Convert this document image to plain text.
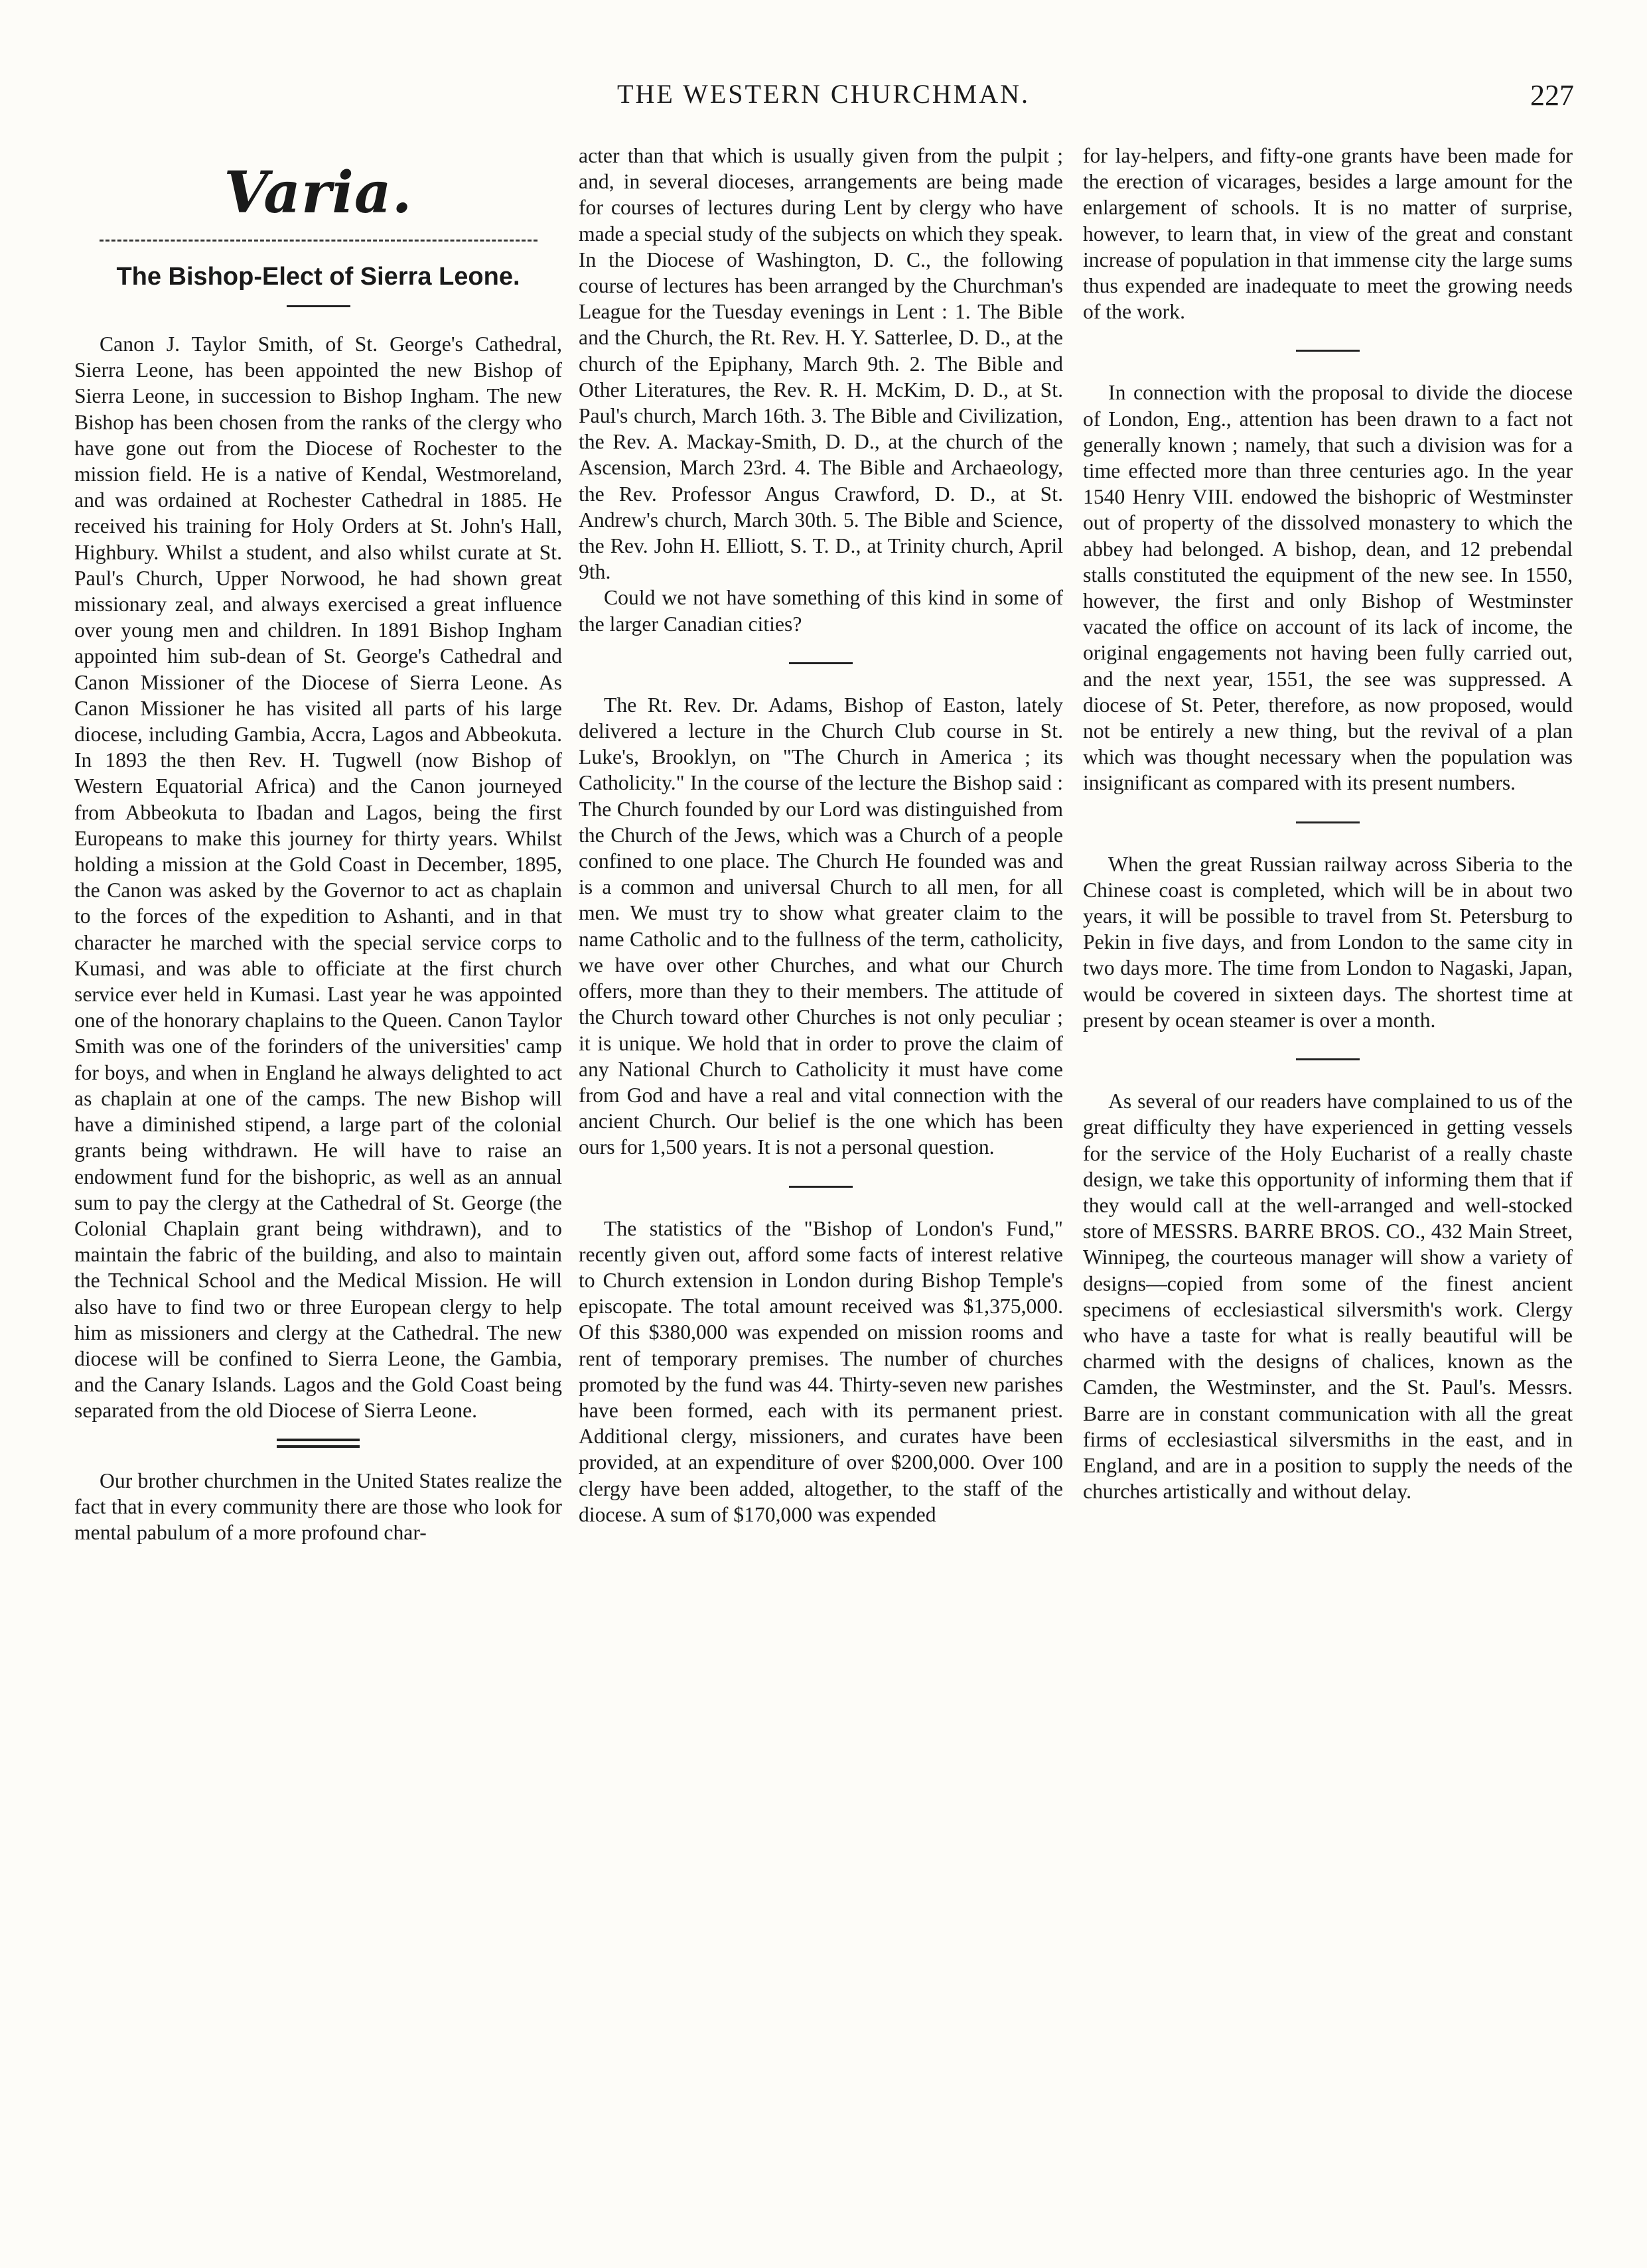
THE WESTERN CHURCHMAN.	227
Varia.
The Bishop-Elect of Sierra Leone.

Canon J. Taylor Smith, of St. George's Cathedral, Sierra Leone, has been appointed the new Bishop of Sierra Leone, in succession to Bishop Ingham. The new Bishop has been chosen from the ranks of the clergy who have gone out from the Diocese of Rochester to the mission field. He is a native of Kendal, Westmoreland, and was ordained at Rochester Cathedral in 1885. He received his training for Holy Orders at St. John's Hall, Highbury. Whilst a student, and also whilst curate at St. Paul's Church, Upper Norwood, he had shown great missionary zeal, and always exercised a great influence over young men and children. In 1891 Bishop Ingham appointed him sub-dean of St. George's Cathedral and Canon Missioner of the Diocese of Sierra Leone. As Canon Missioner he has visited all parts of his large diocese, including Gambia, Accra, Lagos and Abbeokuta. In 1893 the then Rev. H. Tugwell (now Bishop of Western Equatorial Africa) and the Canon journeyed from Abbeokuta to Ibadan and Lagos, being the first Europeans to make this journey for thirty years. Whilst holding a mission at the Gold Coast in December, 1895, the Canon was asked by the Governor to act as chaplain to the forces of the expedition to Ashanti, and in that character he marched with the special service corps to Kumasi, and was able to officiate at the first church service ever held in Kumasi. Last year he was appointed one of the honorary chaplains to the Queen. Canon Taylor Smith was one of the forinders of the universities' camp for boys, and when in England he always delighted to act as chaplain at one of the camps. The new Bishop will have a diminished stipend, a large part of the colonial grants being withdrawn. He will have to raise an endowment fund for the bishopric, as well as an annual sum to pay the clergy at the Cathedral of St. George (the Colonial Chaplain grant being withdrawn), and to maintain the fabric of the building, and also to maintain the Technical School and the Medical Mission. He will also have to find two or three European clergy to help him as missioners and clergy at the Cathedral. The new diocese will be confined to Sierra Leone, the Gambia, and the Canary Islands. Lagos and the Gold Coast being separated from the old Diocese of Sierra Leone.

Our brother churchmen in the United States realize the fact that in every community there are those who look for mental pabulum of a more profound char-

acter than that which is usually given from the pulpit ; and, in several dioceses, arrangements are being made for courses of lectures during Lent by clergy who have made a special study of the subjects on which they speak. In the Diocese of Washington, D. C., the following course of lectures has been arranged by the Churchman's League for the Tuesday evenings in Lent : 1. The Bible and the Church, the Rt. Rev. H. Y. Satterlee, D. D., at the church of the Epiphany, March 9th. 2. The Bible and Other Literatures, the Rev. R. H. McKim, D. D., at St. Paul's church, March 16th. 3. The Bible and Civilization, the Rev. A. Mackay-Smith, D. D., at the church of the Ascension, March 23rd. 4. The Bible and Archaeology, the Rev. Professor Angus Crawford, D. D., at St. Andrew's church, March 30th. 5. The Bible and Science, the Rev. John H. Elliott, S. T. D., at Trinity church, April 9th.

Could we not have something of this kind in some of the larger Canadian cities?

The Rt. Rev. Dr. Adams, Bishop of Easton, lately delivered a lecture in the Church Club course in St. Luke's, Brooklyn, on "The Church in America ; its Catholicity." In the course of the lecture the Bishop said : The Church founded by our Lord was distinguished from the Church of the Jews, which was a Church of a people confined to one place. The Church He founded was and is a common and universal Church to all men, for all men. We must try to show what greater claim to the name Catholic and to the fullness of the term, catholicity, we have over other Churches, and what our Church offers, more than they to their members. The attitude of the Church toward other Churches is not only peculiar ; it is unique. We hold that in order to prove the claim of any National Church to Catholicity it must have come from God and have a real and vital connection with the ancient Church. Our belief is the one which has been ours for 1,500 years. It is not a personal question.

The statistics of the "Bishop of London's Fund," recently given out, afford some facts of interest relative to Church extension in London during Bishop Temple's episcopate. The total amount received was $1,375,000. Of this $380,000 was expended on mission rooms and rent of temporary premises. The number of churches promoted by the fund was 44. Thirty-seven new parishes have been formed, each with its permanent priest. Additional clergy, missioners, and curates have been provided, at an expenditure of over $200,000. Over 100 clergy have been added, altogether, to the staff of the diocese. A sum of $170,000 was expended

for lay-helpers, and fifty-one grants have been made for the erection of vicarages, besides a large amount for the enlargement of schools. It is no matter of surprise, however, to learn that, in view of the great and constant increase of population in that immense city the large sums thus expended are inadequate to meet the growing needs of the work.

In connection with the proposal to divide the diocese of London, Eng., attention has been drawn to a fact not generally known ; namely, that such a division was for a time effected more than three centuries ago. In the year 1540 Henry VIII. endowed the bishopric of Westminster out of property of the dissolved monastery to which the abbey had belonged. A bishop, dean, and 12 prebendal stalls constituted the equipment of the new see. In 1550, however, the first and only Bishop of Westminster vacated the office on account of its lack of income, the original engagements not having been fully carried out, and the next year, 1551, the see was suppressed. A diocese of St. Peter, therefore, as now proposed, would not be entirely a new thing, but the revival of a plan which was thought necessary when the population was insignificant as compared with its present numbers.

When the great Russian railway across Siberia to the Chinese coast is completed, which will be in about two years, it will be possible to travel from St. Petersburg to Pekin in five days, and from London to the same city in two days more. The time from London to Nagaski, Japan, would be covered in sixteen days. The shortest time at present by ocean steamer is over a month.

As several of our readers have complained to us of the great difficulty they have experienced in getting vessels for the service of the Holy Eucharist of a really chaste design, we take this opportunity of informing them that if they would call at the well-arranged and well-stocked store of MESSRS. BARRE BROS. CO., 432 Main Street, Winnipeg, the courteous manager will show a variety of designs—copied from some of the finest ancient specimens of ecclesiastical silversmith's work. Clergy who have a taste for what is really beautiful will be charmed with the designs of chalices, known as the Camden, the Westminster, and the St. Paul's. Messrs. Barre are in constant communication with all the great firms of ecclesiastical silversmiths in the east, and in England, and are in a position to supply the needs of the churches artistically and without delay.
